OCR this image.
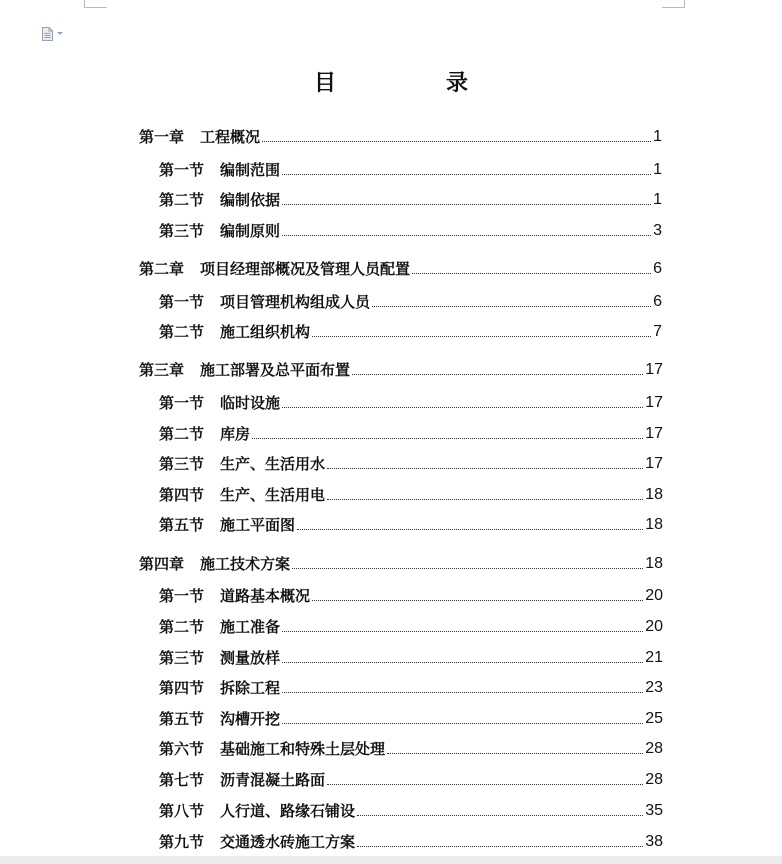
目　录
第一章 工程概况	1
第一节 编制范围	1
第二节 编制依据	1
第三节 编制原则	3
第二章 项目经理部概况及管理人员配置	6
第一节 项目管理机构组成人员	6
第二节 施工组织机构	7
第三章 施工部署及总平面布置	17
第一节 临时设施	17
第二节 库房	17
第三节 生产、生活用水	17
第四节 生产、生活用电	18
第五节 施工平面图	18
第四章 施工技术方案	18
第一节 道路基本概况	20
第二节 施工准备	20
第三节 测量放样	21
第四节 拆除工程	23
第五节 沟槽开挖	25
第六节 基础施工和特殊土层处理	28
第七节 沥青混凝土路面	28
第八节 人行道、路缘石铺设	35
第九节 交通透水砖施工方案	38
